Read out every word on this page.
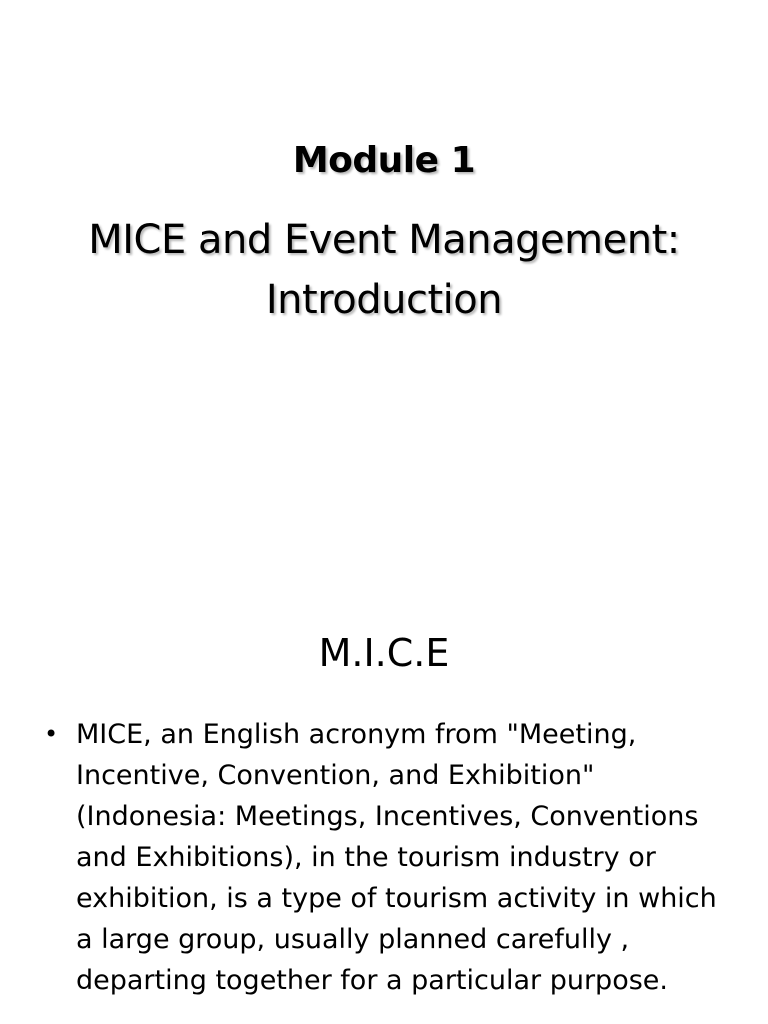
Module 1
MICE and Event Management: Introduction
M.I.C.E
• MICE, an English acronym from "Meeting, Incentive, Convention, and Exhibition" (Indonesia: Meetings, Incentives, Conventions and Exhibitions), in the tourism industry or exhibition, is a type of tourism activity in which a large group, usually planned carefully , departing together for a particular purpose.
